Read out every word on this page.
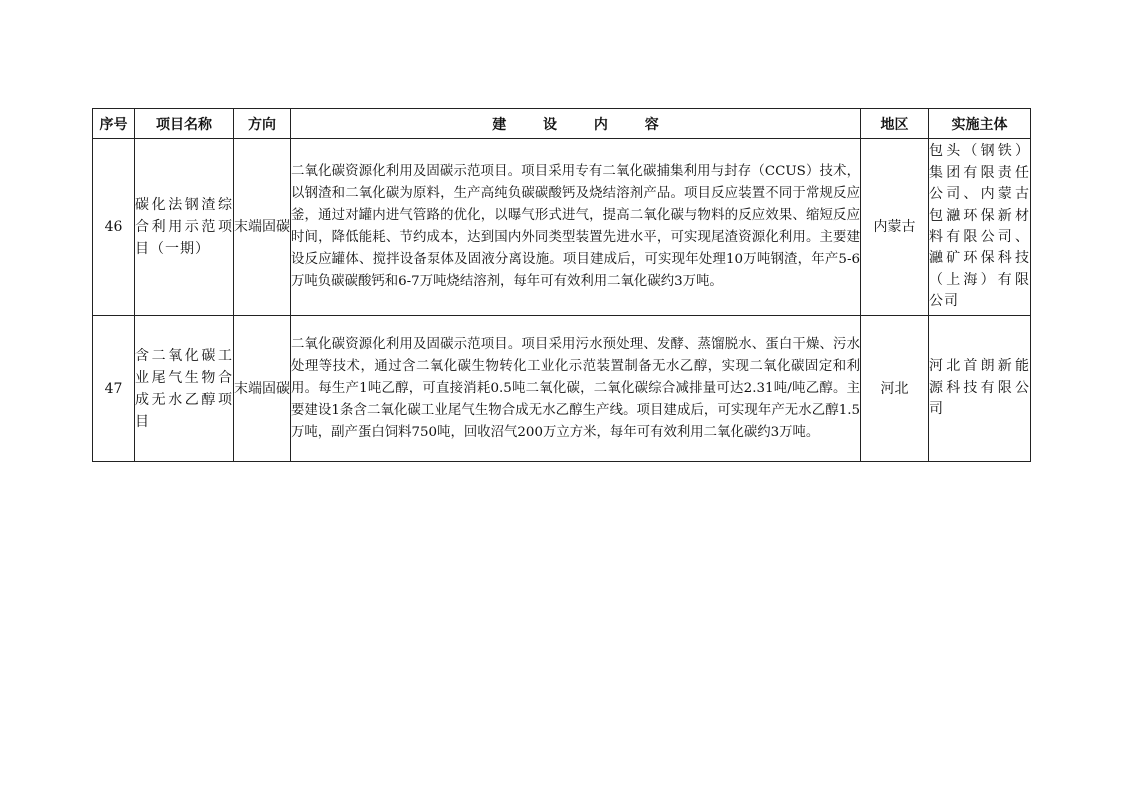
序号	项目名称	方向	建 设 内 容	地区	实施主体
46	碳化法钢渣综合利用示范项目（一期）	末端固碳	二氧化碳资源化利用及固碳示范项目。项目采用专有二氧化碳捕集利用与封存（CCUS）技术，以钢渣和二氧化碳为原料，生产高纯负碳碳酸钙及烧结溶剂产品。项目反应装置不同于常规反应釜，通过对罐内进气管路的优化，以曝气形式进气，提高二氧化碳与物料的反应效果、缩短反应时间，降低能耗、节约成本，达到国内外同类型装置先进水平，可实现尾渣资源化利用。主要建设反应罐体、搅拌设备泵体及固液分离设施。项目建成后，可实现年处理10万吨钢渣，年产5-6万吨负碳碳酸钙和6-7万吨烧结溶剂，每年可有效利用二氧化碳约3万吨。	内蒙古	包头（钢铁）集团有限责任公司、内蒙古包瀜环保新材料有限公司、瀜矿环保科技（上海）有限公司
47	含二氧化碳工业尾气生物合成无水乙醇项目	末端固碳	二氧化碳资源化利用及固碳示范项目。项目采用污水预处理、发酵、蒸馏脱水、蛋白干燥、污水处理等技术，通过含二氧化碳生物转化工业化示范装置制备无水乙醇，实现二氧化碳固定和利用。每生产1吨乙醇，可直接消耗0.5吨二氧化碳，二氧化碳综合减排量可达2.31吨/吨乙醇。主要建设1条含二氧化碳工业尾气生物合成无水乙醇生产线。项目建成后，可实现年产无水乙醇1.5万吨，副产蛋白饲料750吨，回收沼气200万立方米，每年可有效利用二氧化碳约3万吨。	河北	河北首朗新能源科技有限公司
